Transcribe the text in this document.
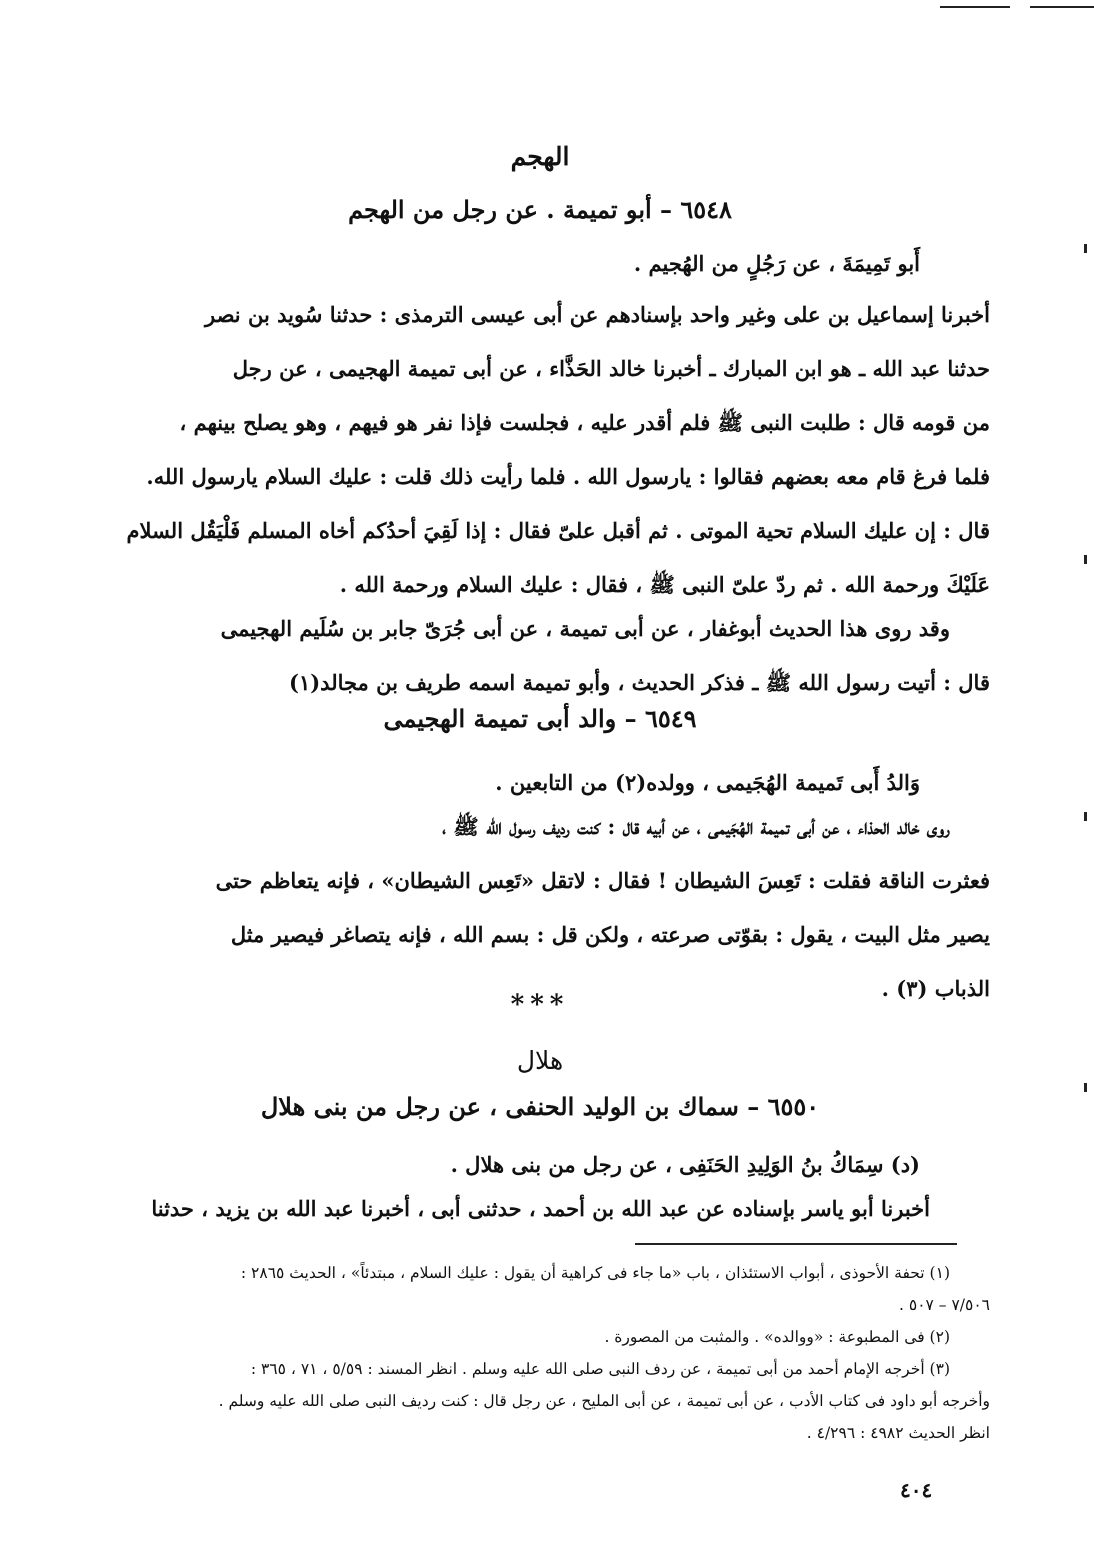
الهجم
٦٥٤٨ – أبو تميمة . عن رجل من الهجم
أَبو تَمِيمَةَ ، عن رَجُلٍ من الهُجيم .
أخبرنا إسماعيل بن على وغير واحد بإسنادهم عن أبى عيسى الترمذى : حدثنا سُويد بن نصر
حدثنا عبد الله ـ هو ابن المبارك ـ أخبرنا خالد الحَذَّاء ، عن أبى تميمة الهجيمى ، عن رجل
من قومه قال : طلبت النبى ﷺ فلم أقدر عليه ، فجلست فإذا نفر هو فيهم ، وهو يصلح بينهم ،
فلما فرغ قام معه بعضهم فقالوا : يارسول الله . فلما رأيت ذلك قلت : عليك السلام يارسول الله.
قال : إن عليك السلام تحية الموتى . ثم أقبل علىّ فقال : إذا لَقِيَ أحدُكم أخاه المسلم فَلْيَقُل السلام
عَلَيْكَ ورحمة الله . ثم ردّ علىّ النبى ﷺ ، فقال : عليك السلام ورحمة الله .
وقد روى هذا الحديث أبوغفار ، عن أبى تميمة ، عن أبى جُرَىّ جابر بن سُلَيم الهجيمى
قال : أتيت رسول الله ﷺ ـ فذكر الحديث ، وأبو تميمة اسمه طريف بن مجالد(١)
٦٥٤٩ – والد أبى تميمة الهجيمى
وَالدُ أَبى تَميمة الهُجَيمى ، وولده(٢) من التابعين .
روى خالد الحذاء ، عن أبى تميمة الهُجَيمى ، عن أبيه قال : كنت رديف رسول الله ﷺ ،
فعثرت الناقة فقلت : تَعِسَ الشيطان ! فقال : لاتقل «تَعِس الشيطان» ، فإنه يتعاظم حتى
يصير مثل البيت ، يقول : بقوّتى صرعته ، ولكن قل : بسم الله ، فإنه يتصاغر فيصير مثل
الذباب (٣) .
***
هلال
٦٥٥٠ – سماك بن الوليد الحنفى ، عن رجل من بنى هلال
(د) سِمَاكُ بنُ الوَلِيدِ الحَنَفِى ، عن رجل من بنى هلال .
أخبرنا أبو ياسر بإسناده عن عبد الله بن أحمد ، حدثنى أبى ، أخبرنا عبد الله بن يزيد ، حدثنا
(١) تحفة الأحوذى ، أبواب الاستئذان ، باب «ما جاء فى كراهية أن يقول : عليك السلام ، مبتدئاً» ، الحديث ٢٨٦٥ :
٧/٥٠٦ – ٥٠٧ .
(٢) فى المطبوعة : «ووالده» . والمثبت من المصورة .
(٣) أخرجه الإمام أحمد من أبى تميمة ، عن ردف النبى صلى الله عليه وسلم . انظر المسند : ٥/٥٩ ، ٧١ ، ٣٦٥ :
وأخرجه أبو داود فى كتاب الأدب ، عن أبى تميمة ، عن أبى المليح ، عن رجل قال : كنت رديف النبى صلى الله عليه وسلم .
انظر الحديث ٤٩٨٢ : ٤/٢٩٦ .
٤٠٤
